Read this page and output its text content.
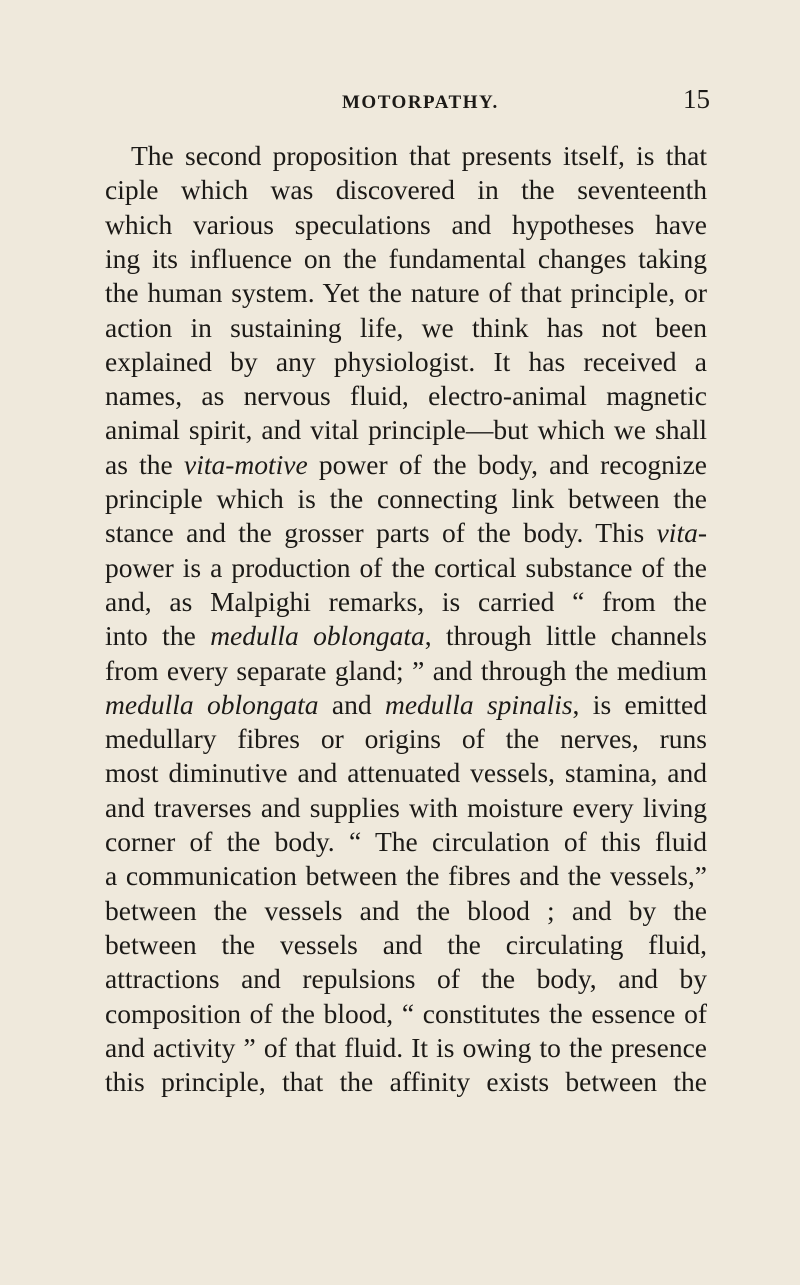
MOTORPATHY.	15
The second proposition that presents itself, is that
ciple which was discovered in the seventeenth
which various speculations and hypotheses have
ing its influence on the fundamental changes taking
the human system. Yet the nature of that principle, or
action in sustaining life, we think has not been
explained by any physiologist. It has received a
names, as nervous fluid, electro-animal magnetic
animal spirit, and vital principle—but which we shall
as the vita-motive power of the body, and recognize
principle which is the connecting link between the
stance and the grosser parts of the body. This vita-
power is a production of the cortical substance of the
and, as Malpighi remarks, is carried “ from the
into the medulla oblongata, through little channels
from every separate gland; ” and through the medium
medulla oblongata and medulla spinalis, is emitted
medullary fibres or origins of the nerves, runs
most diminutive and attenuated vessels, stamina, and
and traverses and supplies with moisture every living
corner of the body. “ The circulation of this fluid
a communication between the fibres and the vessels,”
between the vessels and the blood ; and by the
between the vessels and the circulating fluid,
attractions and repulsions of the body, and by
composition of the blood, “ constitutes the essence of
and activity ” of that fluid. It is owing to the presence
this principle, that the affinity exists between the
